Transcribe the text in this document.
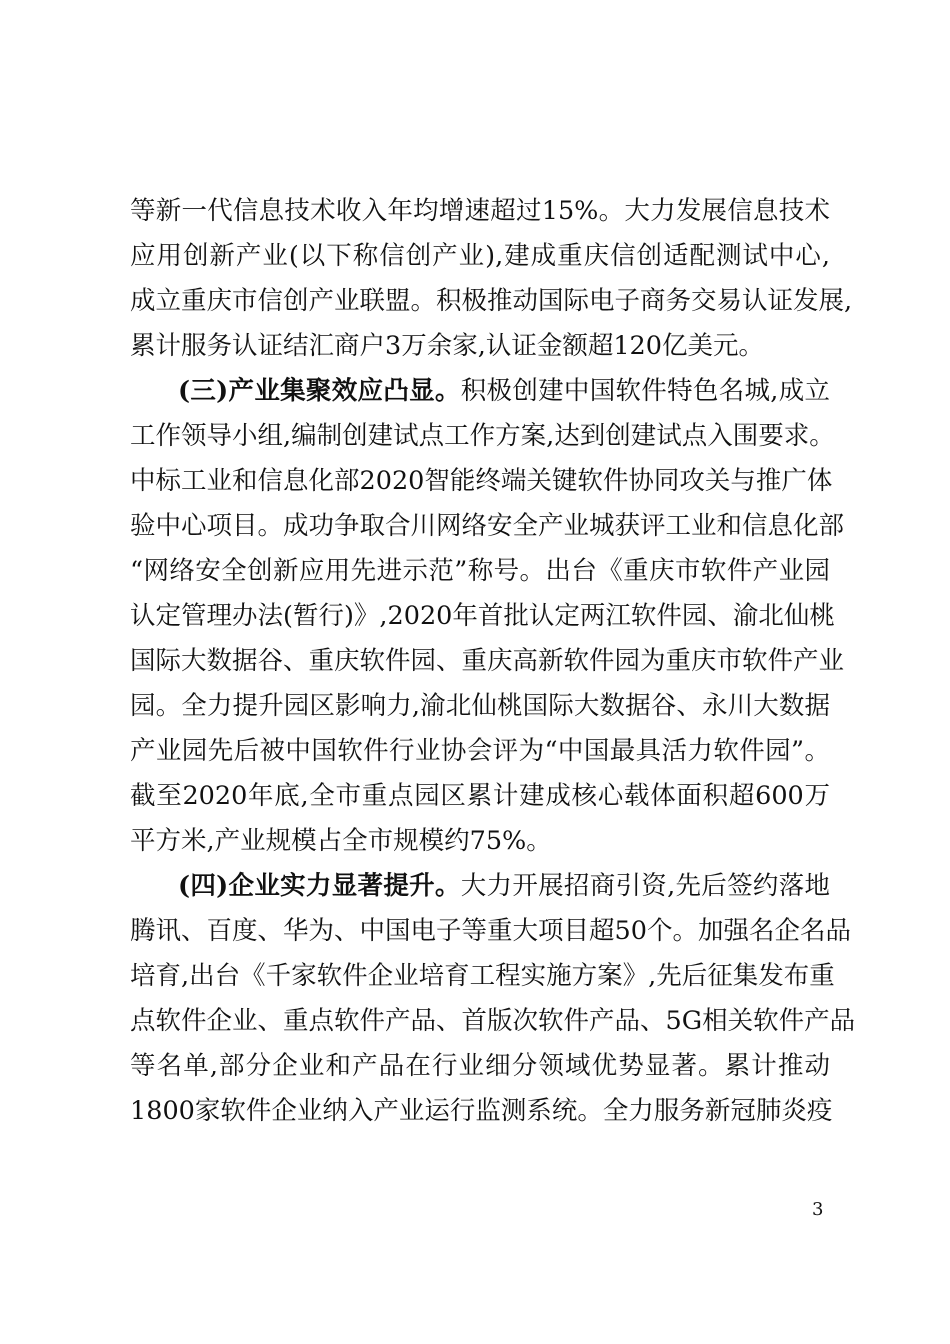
等新一代信息技术收入年均增速超过15%。大力发展信息技术
应用创新产业(以下称信创产业),建成重庆信创适配测试中心,
成立重庆市信创产业联盟。积极推动国际电子商务交易认证发展,
累计服务认证结汇商户3万余家,认证金额超120亿美元。
(三)产业集聚效应凸显。积极创建中国软件特色名城,成立
工作领导小组,编制创建试点工作方案,达到创建试点入围要求。
中标工业和信息化部2020智能终端关键软件协同攻关与推广体
验中心项目。成功争取合川网络安全产业城获评工业和信息化部
“网络安全创新应用先进示范”称号。出台《重庆市软件产业园
认定管理办法(暂行)》,2020年首批认定两江软件园、渝北仙桃
国际大数据谷、重庆软件园、重庆高新软件园为重庆市软件产业
园。全力提升园区影响力,渝北仙桃国际大数据谷、永川大数据
产业园先后被中国软件行业协会评为“中国最具活力软件园”。
截至2020年底,全市重点园区累计建成核心载体面积超600万
平方米,产业规模占全市规模约75%。
(四)企业实力显著提升。大力开展招商引资,先后签约落地
腾讯、百度、华为、中国电子等重大项目超50个。加强名企名品
培育,出台《千家软件企业培育工程实施方案》,先后征集发布重
点软件企业、重点软件产品、首版次软件产品、5G相关软件产品
等名单,部分企业和产品在行业细分领域优势显著。累计推动
1800家软件企业纳入产业运行监测系统。全力服务新冠肺炎疫
3
